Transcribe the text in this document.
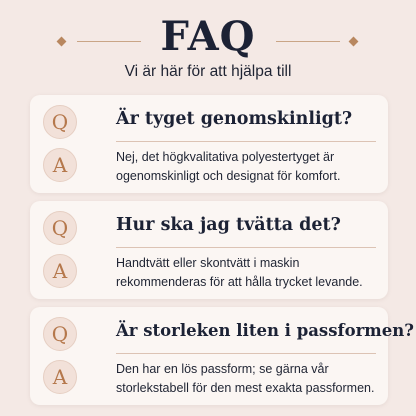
FAQ

Vi är här för att hjälpa till

Q
A
Är tyget genomskinligt?
Nej, det högkvalitativa polyestertyget är ogenomskinligt och designat för komfort.
Q
A
Hur ska jag tvätta det?
Handtvätt eller skontvätt i maskin rekommenderas för att hålla trycket levande.
Q
A
Är storleken liten i passformen?
Den har en lös passform; se gärna vår storlekstabell för den mest exakta passformen.
